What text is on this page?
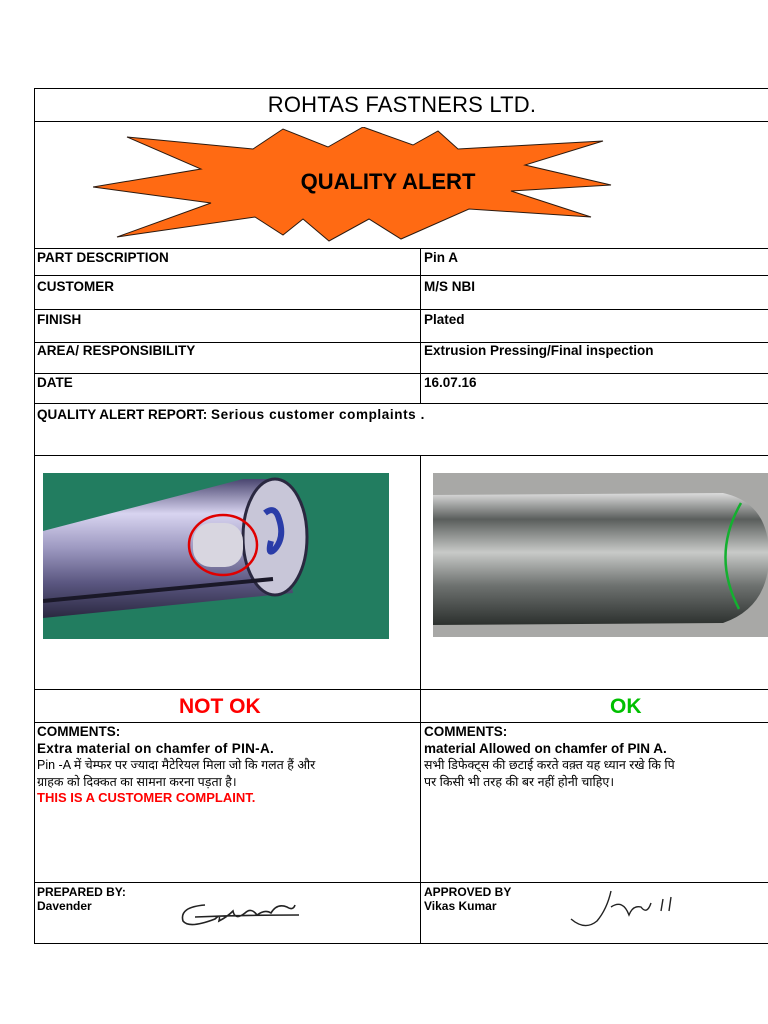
ROHTAS FASTNERS LTD.
QUALITY ALERT
PART DESCRIPTION	Pin A
CUSTOMER	M/S NBI
FINISH	Plated
AREA/ RESPONSIBILITY	Extrusion Pressing/Final inspection
DATE	16.07.16
QUALITY ALERT REPORT: Serious customer complaints .
NOT OK	OK
COMMENTS:
Extra material on chamfer of PIN-A.
Pin -A में चेम्फर पर ज्यादा मैटेरियल मिला जो कि गलत हैं और
ग्राहक को दिक्कत का सामना करना पड़ता है।
THIS IS A CUSTOMER COMPLAINT.
COMMENTS:
material Allowed on chamfer of PIN A.
सभी डिफेक्ट्स की छटाई करते वक़्त यह ध्यान रखे कि पि
पर किसी भी तरह की बर नहीं होनी चाहिए।
PREPARED BY:
Davender
APPROVED BY
Vikas Kumar
